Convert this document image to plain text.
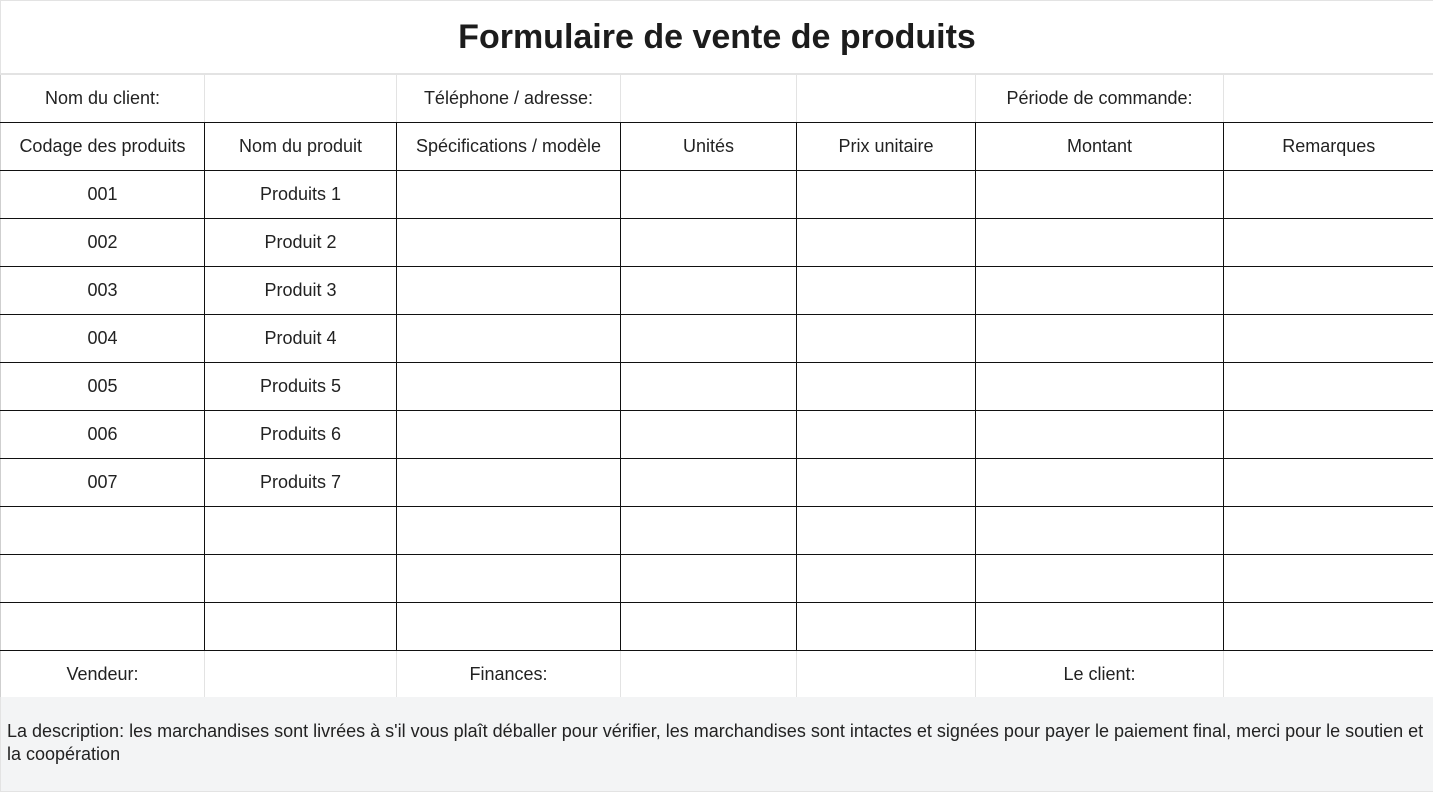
Formulaire de vente de produits
Nom du client:		Téléphone / adresse:			Période de commande:	
Codage des produits	Nom du produit	Spécifications / modèle	Unités	Prix unitaire	Montant	Remarques
001	Produits 1					
002	Produit 2					
003	Produit 3					
004	Produit 4					
005	Produits 5					
006	Produits 6					
007	Produits 7					

Vendeur:		Finances:			Le client:	
La description: les marchandises sont livrées à s'il vous plaît déballer pour vérifier, les marchandises sont intactes et signées pour payer le paiement final, merci pour le soutien et la coopération
